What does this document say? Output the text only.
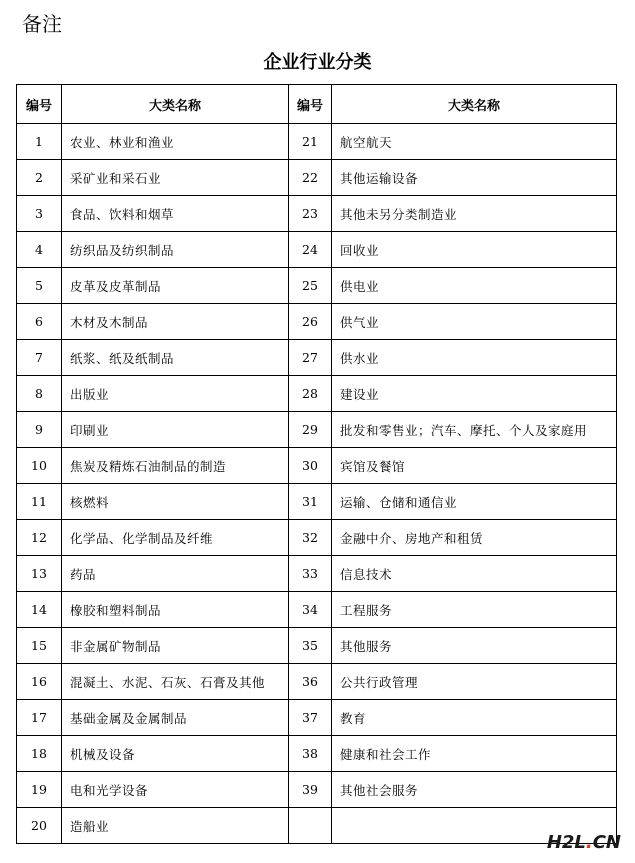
备注
企业行业分类
编号	大类名称	编号	大类名称
1	农业、林业和渔业	21	航空航天
2	采矿业和采石业	22	其他运输设备
3	食品、饮料和烟草	23	其他未另分类制造业
4	纺织品及纺织制品	24	回收业
5	皮革及皮革制品	25	供电业
6	木材及木制品	26	供气业
7	纸浆、纸及纸制品	27	供水业
8	出版业	28	建设业
9	印刷业	29	批发和零售业；汽车、摩托、个人及家庭用
10	焦炭及精炼石油制品的制造	30	宾馆及餐馆
11	核燃料	31	运输、仓储和通信业
12	化学品、化学制品及纤维	32	金融中介、房地产和租赁
13	药品	33	信息技术
14	橡胶和塑料制品	34	工程服务
15	非金属矿物制品	35	其他服务
16	混凝土、水泥、石灰、石膏及其他	36	公共行政管理
17	基础金属及金属制品	37	教育
18	机械及设备	38	健康和社会工作
19	电和光学设备	39	其他社会服务
20	造船业		
H2L.CN
